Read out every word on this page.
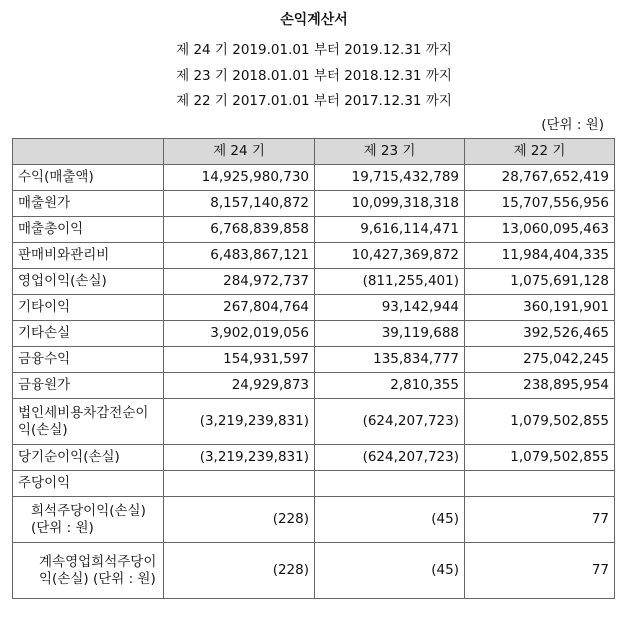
손익계산서
제 24 기 2019.01.01 부터 2019.12.31 까지
제 23 기 2018.01.01 부터 2018.12.31 까지
제 22 기 2017.01.01 부터 2017.12.31 까지
(단위 : 원)
	제 24 기	제 23 기	제 22 기
수익(매출액)	14,925,980,730	19,715,432,789	28,767,652,419
매출원가	8,157,140,872	10,099,318,318	15,707,556,956
매출총이익	6,768,839,858	9,616,114,471	13,060,095,463
판매비와관리비	6,483,867,121	10,427,369,872	11,984,404,335
영업이익(손실)	284,972,737	(811,255,401)	1,075,691,128
기타이익	267,804,764	93,142,944	360,191,901
기타손실	3,902,019,056	39,119,688	392,526,465
금융수익	154,931,597	135,834,777	275,042,245
금융원가	24,929,873	2,810,355	238,895,954
법인세비용차감전순이익(손실)	(3,219,239,831)	(624,207,723)	1,079,502,855
당기순이익(손실)	(3,219,239,831)	(624,207,723)	1,079,502,855
주당이익			
희석주당이익(손실) (단위 : 원)	(228)	(45)	77
계속영업희석주당이익(손실) (단위 : 원)	(228)	(45)	77
